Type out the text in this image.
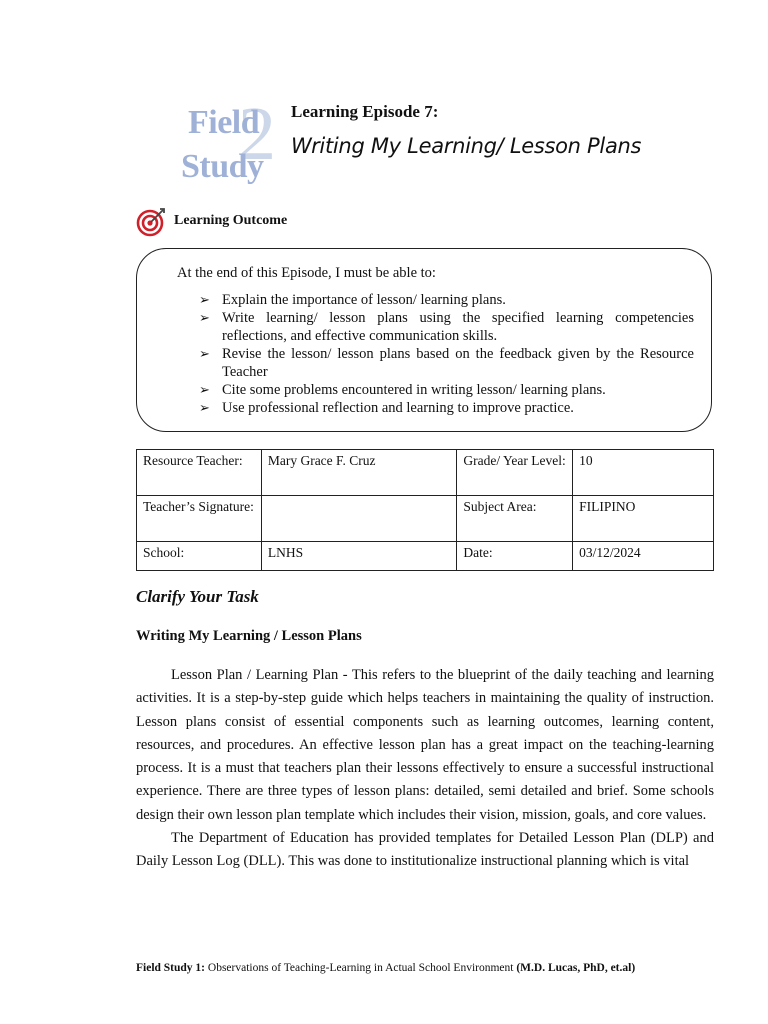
2
Field
Study
Learning Episode 7:
Writing My Learning/ Lesson Plans
Learning Outcome
At the end of this Episode, I must be able to:
➢ Explain the importance of lesson/ learning plans.
➢ Write learning/ lesson plans using the specified learning competencies reflections, and effective communication skills.
➢ Revise the lesson/ lesson plans based on the feedback given by the Resource Teacher
➢ Cite some problems encountered in writing lesson/ learning plans.
➢ Use professional reflection and learning to improve practice.
Resource Teacher:	Mary Grace F. Cruz	Grade/ Year Level:	10
Teacher’s Signature:		Subject Area:	FILIPINO
School:	LNHS	Date:	03/12/2024
Clarify Your Task
Writing My Learning / Lesson Plans

Lesson Plan / Learning Plan - This refers to the blueprint of the daily teaching and learning activities. It is a step-by-step guide which helps teachers in maintaining the quality of instruction. Lesson plans consist of essential components such as learning outcomes, learning content, resources, and procedures. An effective lesson plan has a great impact on the teaching-learning process. It is a must that teachers plan their lessons effectively to ensure a successful instructional experience. There are three types of lesson plans: detailed, semi detailed and brief. Some schools design their own lesson plan template which includes their vision, mission, goals, and core values.

The Department of Education has provided templates for Detailed Lesson Plan (DLP) and Daily Lesson Log (DLL). This was done to institutionalize instructional planning which is vital

Field Study 1: Observations of Teaching-Learning in Actual School Environment (M.D. Lucas, PhD, et.al)
